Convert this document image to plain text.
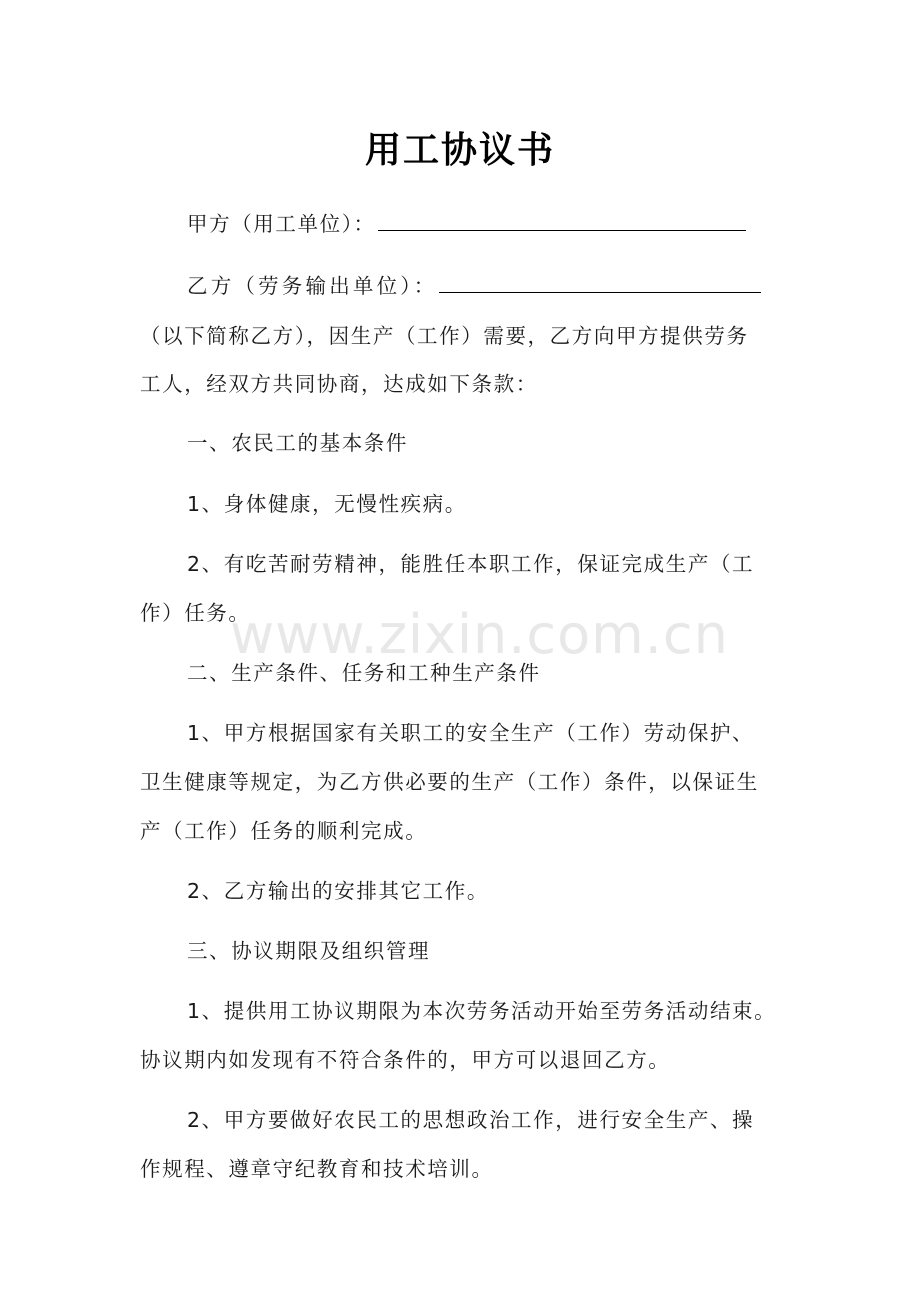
用工协议书
甲方（用工单位）：
乙方（劳务输出单位）：
（以下简称乙方），因生产（工作）需要，乙方向甲方提供劳务
工人，经双方共同协商，达成如下条款：
一、农民工的基本条件
1、身体健康，无慢性疾病。
2、有吃苦耐劳精神，能胜任本职工作，保证完成生产（工
作）任务。
二、生产条件、任务和工种生产条件
1、甲方根据国家有关职工的安全生产（工作）劳动保护、
卫生健康等规定，为乙方供必要的生产（工作）条件，以保证生
产（工作）任务的顺利完成。
2、乙方输出的安排其它工作。
三、协议期限及组织管理
1、提供用工协议期限为本次劳务活动开始至劳务活动结束。
协议期内如发现有不符合条件的，甲方可以退回乙方。
2、甲方要做好农民工的思想政治工作，进行安全生产、操
作规程、遵章守纪教育和技术培训。
www.zixin.com.cn
